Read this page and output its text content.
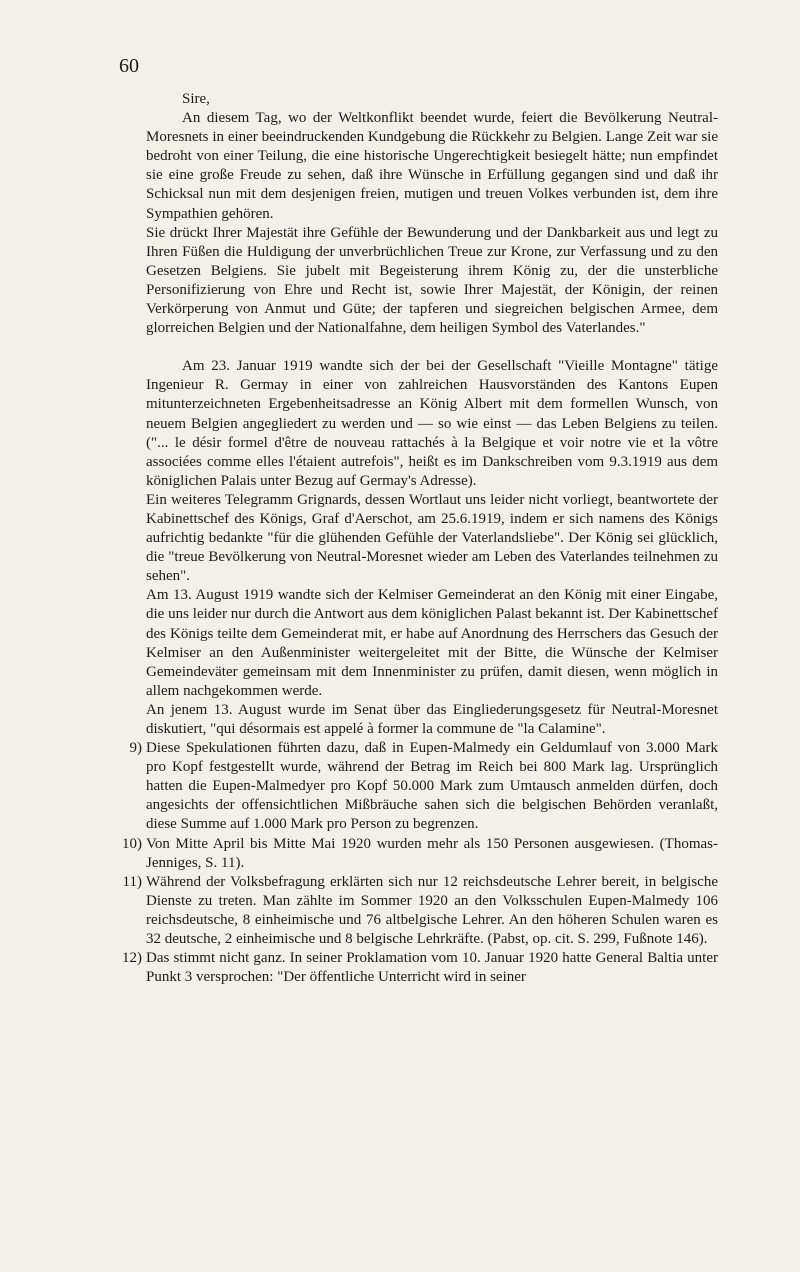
60

Sire,

An diesem Tag, wo der Weltkonflikt beendet wurde, feiert die Bevölkerung Neutral-Moresnets in einer beeindruckenden Kundgebung die Rückkehr zu Belgien. Lange Zeit war sie bedroht von einer Teilung, die eine historische Ungerechtigkeit besiegelt hätte; nun empfindet sie eine große Freude zu sehen, daß ihre Wünsche in Erfüllung gegangen sind und daß ihr Schicksal nun mit dem desjenigen freien, mutigen und treuen Volkes verbunden ist, dem ihre Sympathien gehören.

Sie drückt Ihrer Majestät ihre Gefühle der Bewunderung und der Dankbarkeit aus und legt zu Ihren Füßen die Huldigung der unverbrüchlichen Treue zur Krone, zur Verfassung und zu den Gesetzen Belgiens. Sie jubelt mit Begeisterung ihrem König zu, der die unsterbliche Personifizierung von Ehre und Recht ist, sowie Ihrer Majestät, der Königin, der reinen Verkörperung von Anmut und Güte; der tapferen und siegreichen belgischen Armee, dem glorreichen Belgien und der Nationalfahne, dem heiligen Symbol des Vaterlandes."

Am 23. Januar 1919 wandte sich der bei der Gesellschaft "Vieille Montagne" tätige Ingenieur R. Germay in einer von zahlreichen Hausvorständen des Kantons Eupen mitunterzeichneten Ergebenheitsadresse an König Albert mit dem formellen Wunsch, von neuem Belgien angegliedert zu werden und — so wie einst — das Leben Belgiens zu teilen. ("... le désir formel d'être de nouveau rattachés à la Belgique et voir notre vie et la vôtre associées comme elles l'étaient autrefois", heißt es im Dankschreiben vom 9.3.1919 aus dem königlichen Palais unter Bezug auf Germay's Adresse).

Ein weiteres Telegramm Grignards, dessen Wortlaut uns leider nicht vorliegt, beantwortete der Kabinettschef des Königs, Graf d'Aerschot, am 25.6.1919, indem er sich namens des Königs aufrichtig bedankte "für die glühenden Gefühle der Vaterlandsliebe". Der König sei glücklich, die "treue Bevölkerung von Neutral-Moresnet wieder am Leben des Vaterlandes teilnehmen zu sehen".

Am 13. August 1919 wandte sich der Kelmiser Gemeinderat an den König mit einer Eingabe, die uns leider nur durch die Antwort aus dem königlichen Palast bekannt ist. Der Kabinettschef des Königs teilte dem Gemeinderat mit, er habe auf Anordnung des Herrschers das Gesuch der Kelmiser an den Außenminister weitergeleitet mit der Bitte, die Wünsche der Kelmiser Gemeindeväter gemeinsam mit dem Innenminister zu prüfen, damit diesen, wenn möglich in allem nachgekommen werde.

An jenem 13. August wurde im Senat über das Eingliederungsgesetz für Neutral-Moresnet diskutiert, "qui désormais est appelé à former la commune de "la Calamine".

9) Diese Spekulationen führten dazu, daß in Eupen-Malmedy ein Geldumlauf von 3.000 Mark pro Kopf festgestellt wurde, während der Betrag im Reich bei 800 Mark lag. Ursprünglich hatten die Eupen-Malmedyer pro Kopf 50.000 Mark zum Umtausch anmelden dürfen, doch angesichts der offensichtlichen Mißbräuche sahen sich die belgischen Behörden veranlaßt, diese Summe auf 1.000 Mark pro Person zu begrenzen.

10) Von Mitte April bis Mitte Mai 1920 wurden mehr als 150 Personen ausgewiesen. (Thomas-Jenniges, S. 11).

11) Während der Volksbefragung erklärten sich nur 12 reichsdeutsche Lehrer bereit, in belgische Dienste zu treten. Man zählte im Sommer 1920 an den Volksschulen Eupen-Malmedy 106 reichsdeutsche, 8 einheimische und 76 altbelgische Lehrer. An den höheren Schulen waren es 32 deutsche, 2 einheimische und 8 belgische Lehrkräfte. (Pabst, op. cit. S. 299, Fußnote 146).

12) Das stimmt nicht ganz. In seiner Proklamation vom 10. Januar 1920 hatte General Baltia unter Punkt 3 versprochen: "Der öffentliche Unterricht wird in seiner
